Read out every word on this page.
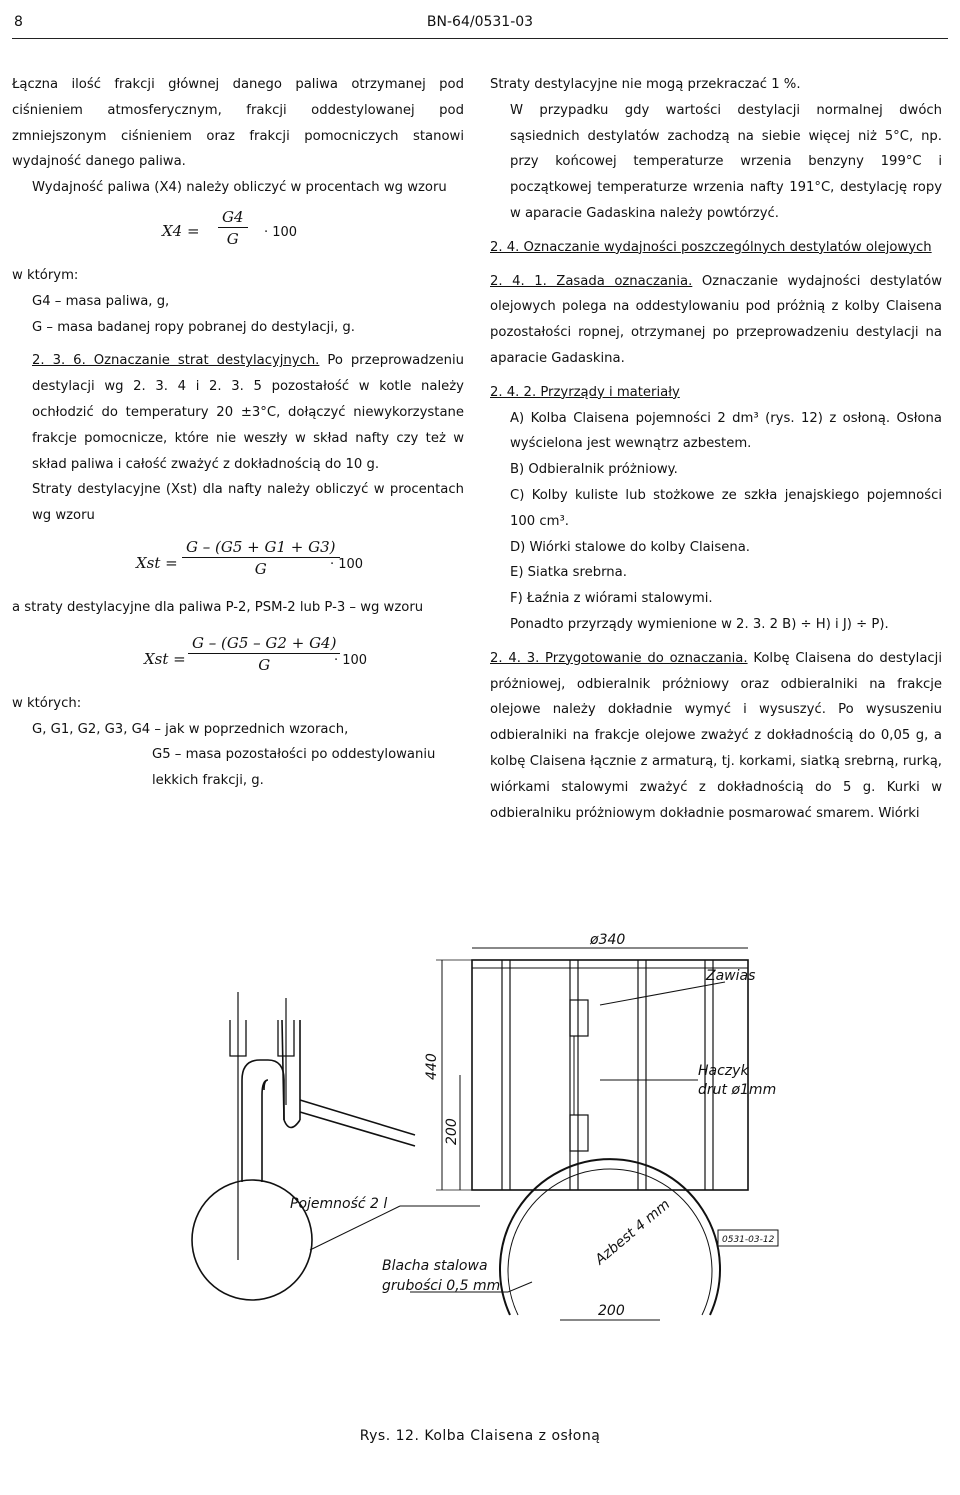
8	BN-64/0531-03

Łączna ilość frakcji głównej danego paliwa otrzymanej pod ciśnieniem atmosferycznym, frakcji oddestylowanej pod zmniejszonym ciśnieniem oraz frakcji pomocniczych stanowi wydajność danego paliwa.

Wydajność paliwa (X4) należy obliczyć w procentach wg wzoru

$X4 = \frac{G4}{G} \cdot 100$

w którym:

G4 – masa paliwa, g,

G – masa badanej ropy pobranej do destylacji, g.

2. 3. 6. Oznaczanie strat destylacyjnych. Po przeprowadzeniu destylacji wg 2. 3. 4 i 2. 3. 5 pozostałość w kotle należy ochłodzić do temperatury 20 ±3°C, dołączyć niewykorzystane frakcje pomocnicze, które nie weszły w skład nafty czy też w skład paliwa i całość zważyć z dokładnością do 10 g.

Straty destylacyjne (Xst) dla nafty należy obliczyć w procentach wg wzoru

Xst = $\frac{G - (G5 + G1 + G3)}{G}$
· 100

a straty destylacyjne dla paliwa P-2, PSM-2 lub P-3 – wg wzoru

Xst = $\frac{G - (G5 - G2 + G4)}{G}$
· 100

w których:

G, G1, G2, G3, G4 – jak w poprzednich wzorach,

G5 – masa pozostałości po oddestylowaniu lekkich frakcji, g.

Straty destylacyjne nie mogą przekraczać 1 %.

W przypadku gdy wartości destylacji normalnej dwóch sąsiednich destylatów zachodzą na siebie więcej niż 5°C, np. przy końcowej temperaturze wrzenia benzyny 199°C i początkowej temperaturze wrzenia nafty 191°C, destylację ropy w aparacie Gadaskina należy powtórzyć.

2. 4. Oznaczanie wydajności poszczególnych destylatów olejowych

2. 4. 1. Zasada oznaczania. Oznaczanie wydajności destylatów olejowych polega na oddestylowaniu pod próżnią z kolby Claisena pozostałości ropnej, otrzymanej po przeprowadzeniu destylacji na aparacie Gadaskina.

2. 4. 2. Przyrządy i materiały

A) Kolba Claisena pojemności 2 dm³ (rys. 12) z osłoną. Osłona wyścielona jest wewnątrz azbestem.

B) Odbieralnik próżniowy.

C) Kolby kuliste lub stożkowe ze szkła jenajskiego pojemności 100 cm³.

D) Wiórki stalowe do kolby Claisena.

E) Siatka srebrna.

F) Łaźnia z wiórami stalowymi.

Ponadto przyrządy wymienione w 2. 3. 2 B) ÷ H) i J) ÷ P).

2. 4. 3. Przygotowanie do oznaczania. Kolbę Claisena do destylacji próżniowej, odbieralnik próżniowy oraz odbieralniki na frakcje olejowe należy dokładnie wymyć i wysuszyć. Po wysuszeniu odbieralniki na frakcje olejowe zważyć z dokładnością do 0,05 g, a kolbę Claisena łącznie z armaturą, tj. korkami, siatką srebrną, rurką, wiórkami stalowymi zważyć z dokładnością do 5 g. Kurki w odbieralniku próżniowym dokładnie posmarować smarem. Wiórki

ø340
Zawias
Haczyk
drut ø1mm
440
200
Pojemność 2 l
Blacha stalowa
grubości 0,5 mm
Azbest 4 mm
200
0531-03-12
Rys. 12. Kolba Claisena z osłoną
